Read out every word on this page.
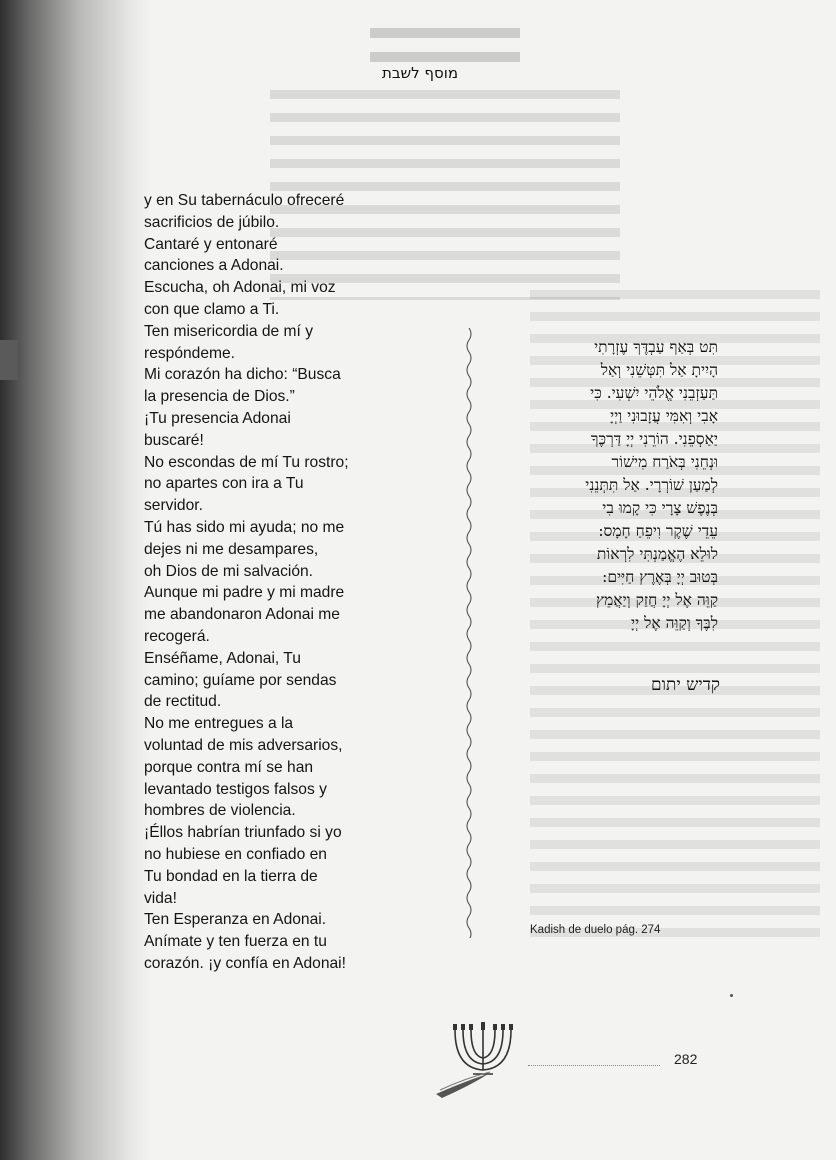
מוסף לשבת
y en Su tabernáculo ofreceré
sacrificios de júbilo.
Cantaré y entonaré
canciones a Adonai.
Escucha, oh Adonai, mi voz
con que clamo a Ti.
Ten misericordia de mí y
respóndeme.
Mi corazón ha dicho: “Busca
la presencia de Dios.”
¡Tu presencia Adonai
buscaré!
No escondas de mí Tu rostro;
no apartes con ira a Tu
servidor.
Tú has sido mi ayuda; no me
dejes ni me desampares,
oh Dios de mi salvación.
Aunque mi padre y mi madre
me abandonaron Adonai me
recogerá.
Enséñame, Adonai, Tu
camino; guíame por sendas
de rectitud.
No me entregues a la
voluntad de mis adversarios,
porque contra mí se han
levantado testigos falsos y
hombres de violencia.
¡Éllos habrían triunfado si yo
no hubiese en confiado en
Tu bondad en la tierra de
vida!
Ten Esperanza en Adonai.
Anímate y ten fuerza en tu
corazón. ¡y confía en Adonai!
תִּט בְּאַף עַבְדֶּךָ עֶזְרָתִי
הָיִיתָ אַל תִּטְּשֵׁנִי וְאַל
תַּעַזְבֵנִי אֱלֹהֵי יִשְׁעִי. כִּי
אָבִי וְאִמִּי עֲזָבוּנִי וַיְיָ
יַאַסְפֵנִי. הוֹרֵנִי יְיָ דַּרְכֶּךָ
וּנְחֵנִי בְּאֹרַח מִישׁוֹר
לְמַעַן שׁוֹרְרָי. אַל תִּתְּנֵנִי
בְּנֶפֶשׁ צָרָי כִּי קָמוּ בִי
עֵדֵי שֶׁקֶר וִיפֵחַ חָמָס:
לוּלֵא הֶאֱמַנְתִּי לִרְאוֹת
בְּטוּב יְיָ בְּאֶרֶץ חַיִּים:
קַוֵּה אֶל יְיָ חֲזַק וְיַאֲמֵץ
לִבֶּךָ וְקַוֵּה אֶל יְיָ
קדיש יתום
Kadish de duelo pág. 274
282
